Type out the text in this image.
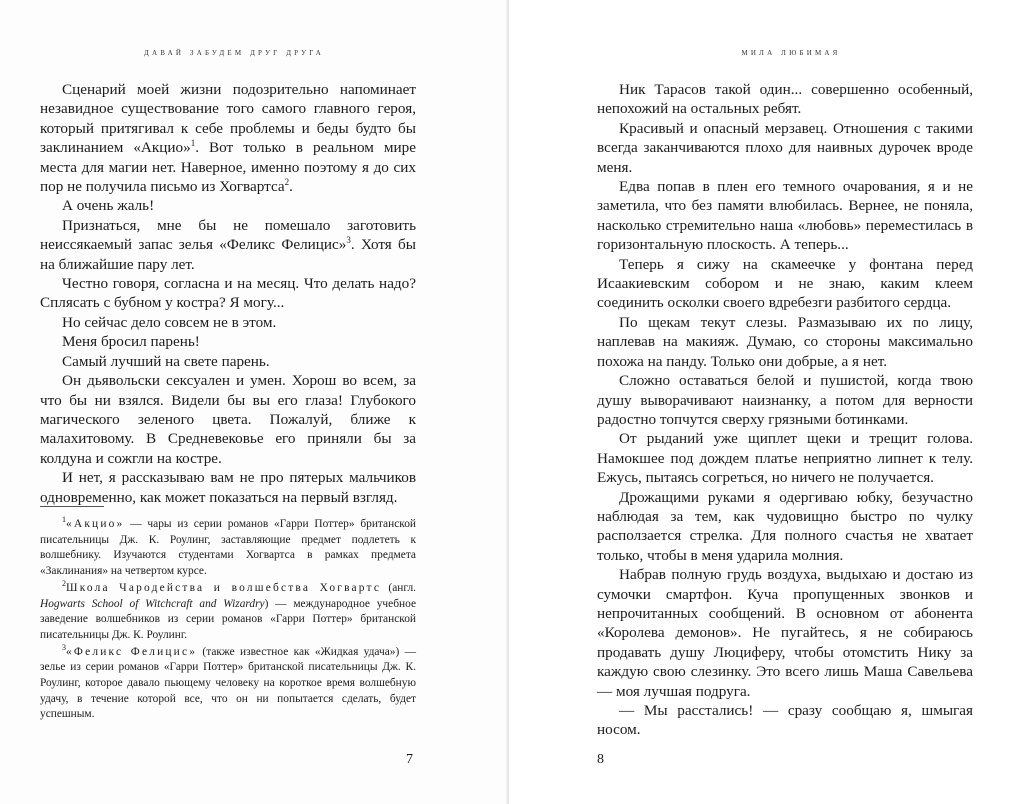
давай забудем друг друга

Сценарий моей жизни подозрительно напоминает незавидное существование того самого главного героя, который притягивал к себе проблемы и беды будто бы заклинанием «Акцио»$^1$. Вот только в реальном мире места для магии нет. Наверное, именно поэтому я до сих пор не получила письмо из Хогвартса$^2$.

А очень жаль!

Признаться, мне бы не помешало заготовить неиссякаемый запас зелья «Феликс Фелицис»$^3$. Хотя бы на ближайшие пару лет.

Честно говоря, согласна и на месяц. Что делать надо? Сплясать с бубном у костра? Я могу...

Но сейчас дело совсем не в этом.

Меня бросил парень!

Самый лучший на свете парень.

Он дьявольски сексуален и умен. Хорош во всем, за что бы ни взялся. Видели бы вы его глаза! Глубокого магического зеленого цвета. Пожалуй, ближе к малахитовому. В Средневековье его приняли бы за колдуна и сожгли на костре.

И нет, я рассказываю вам не про пятерых мальчиков одновременно, как может показаться на первый взгляд.

$^1$«Акцио» — чары из серии романов «Гарри Поттер» британской писательницы Дж. К. Роулинг, заставляющие предмет подлететь к волшебнику. Изучаются студентами Хогвартса в рамках предмета «Заклинания» на четвертом курсе.

$^2$Школа Чародейства и волшебства Хогвартс (англ. Hogwarts School of Witchcraft and Wizardry) — международное учебное заведение волшебников из серии романов «Гарри Поттер» британской писательницы Дж. К. Роулинг.

$^3$«Феликс Фелицис» (также известное как «Жидкая удача») — зелье из серии романов «Гарри Поттер» британской писательницы Дж. К. Роулинг, которое давало пьющему человеку на короткое время волшебную удачу, в течение которой все, что он ни попытается сделать, будет успешным.

7
мила любимая

Ник Тарасов такой один... совершенно особенный, непохожий на остальных ребят.

Красивый и опасный мерзавец. Отношения с такими всегда заканчиваются плохо для наивных дурочек вроде меня.

Едва попав в плен его темного очарования, я и не заметила, что без памяти влюбилась. Вернее, не поняла, насколько стремительно наша «любовь» переместилась в горизонтальную плоскость. А теперь...

Теперь я сижу на скамеечке у фонтана перед Исаакиевским собором и не знаю, каким клеем соединить осколки своего вдребезги разбитого сердца.

По щекам текут слезы. Размазываю их по лицу, наплевав на макияж. Думаю, со стороны максимально похожа на панду. Только они добрые, а я нет.

Сложно оставаться белой и пушистой, когда твою душу выворачивают наизнанку, а потом для верности радостно топчутся сверху грязными ботинками.

От рыданий уже щиплет щеки и трещит голова. Намокшее под дождем платье неприятно липнет к телу. Ежусь, пытаясь согреться, но ничего не получается.

Дрожащими руками я одергиваю юбку, безучастно наблюдая за тем, как чудовищно быстро по чулку расползается стрелка. Для полного счастья не хватает только, чтобы в меня ударила молния.

Набрав полную грудь воздуха, выдыхаю и достаю из сумочки смартфон. Куча пропущенных звонков и непрочитанных сообщений. В основном от абонента «Королева демонов». Не пугайтесь, я не собираюсь продавать душу Люциферу, чтобы отомстить Нику за каждую свою слезинку. Это всего лишь Маша Савельева — моя лучшая подруга.

— Мы расстались! — сразу сообщаю я, шмыгая носом.

8
